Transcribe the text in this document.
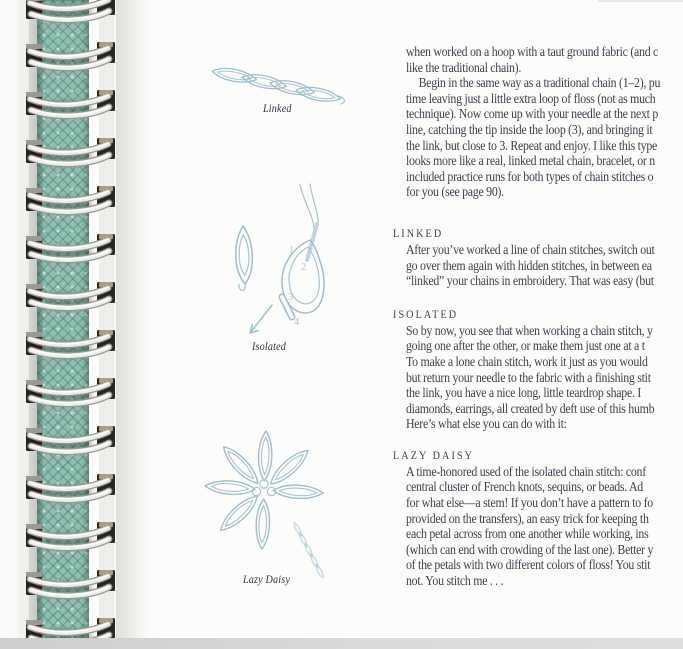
1
2
3
4
Linked
Isolated
Lazy Daisy
when worked on a hoop with a taut ground fabric (and c
like the traditional chain).
Begin in the same way as a traditional chain (1–2), pu
time leaving just a little extra loop of floss (not as much
technique). Now come up with your needle at the next p
line, catching the tip inside the loop (3), and bringing it
the link, but close to 3. Repeat and enjoy. I like this type
looks more like a real, linked metal chain, bracelet, or n
included practice runs for both types of chain stitches o
for you (see page 90).
LINKED
After you’ve worked a line of chain stitches, switch out
go over them again with hidden stitches, in between ea
“linked” your chains in embroidery. That was easy (but
ISOLATED
So by now, you see that when working a chain stitch, y
going one after the other, or make them just one at a t
To make a lone chain stitch, work it just as you would
but return your needle to the fabric with a finishing stit
the link, you have a nice long, little teardrop shape. I
diamonds, earrings, all created by deft use of this humb
Here’s what else you can do with it:
LAZY DAISY
A time-honored used of the isolated chain stitch: conf
central cluster of French knots, sequins, or beads. Ad
for what else—a stem! If you don’t have a pattern to fo
provided on the transfers), an easy trick for keeping th
each petal across from one another while working, ins
(which can end with crowding of the last one). Better y
of the petals with two different colors of floss! You stit
not. You stitch me . . .
